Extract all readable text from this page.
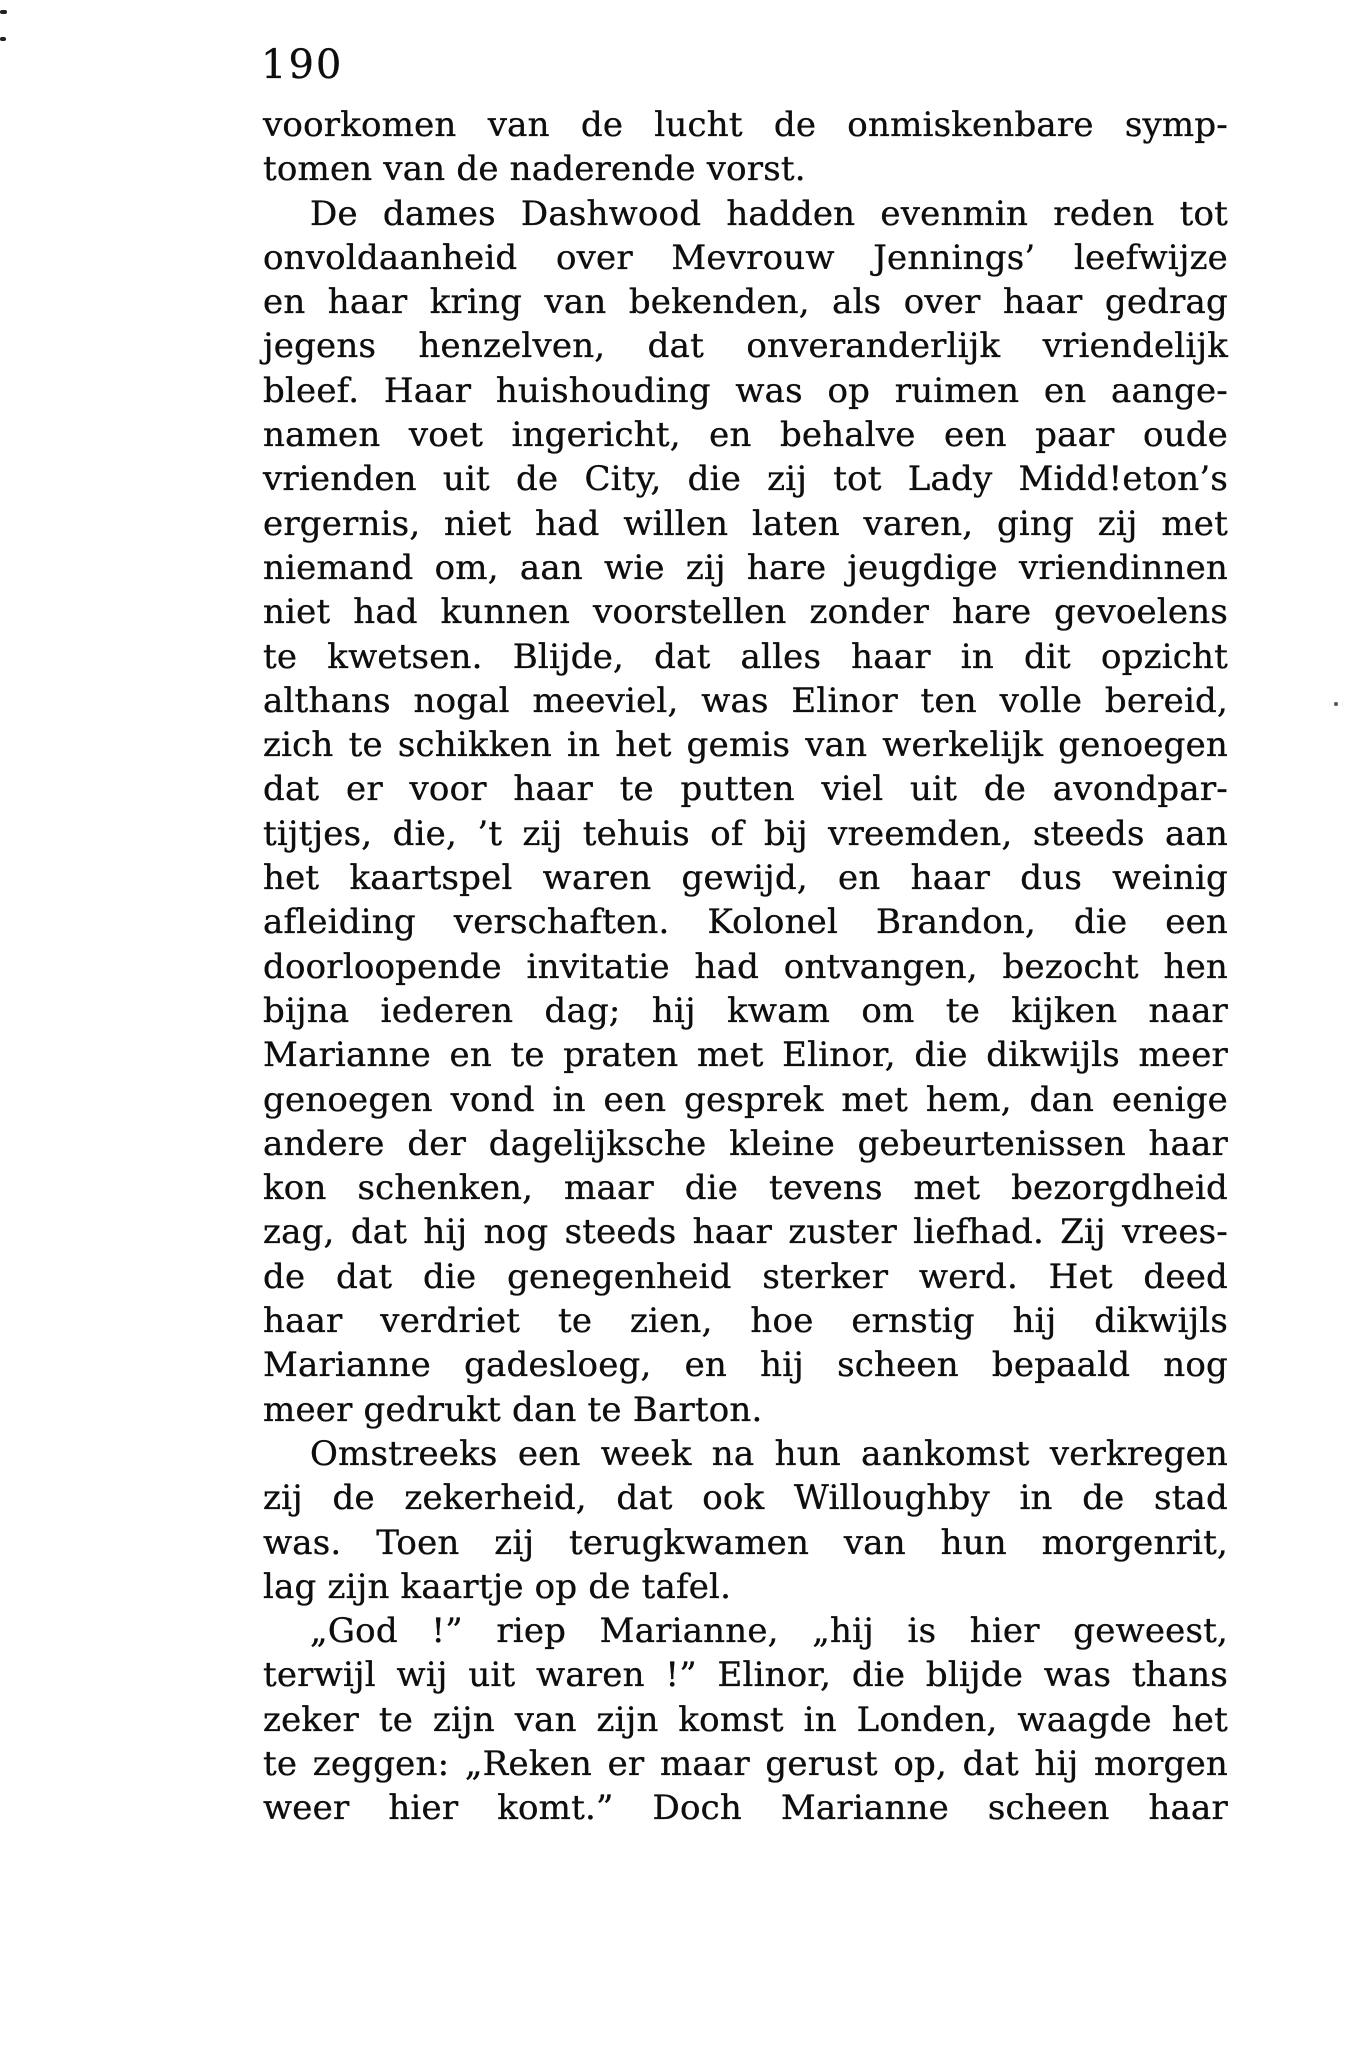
190
voorkomen van de lucht de onmiskenbare symp-
tomen van de naderende vorst.
De dames Dashwood hadden evenmin reden tot
onvoldaanheid over Mevrouw Jennings’ leefwijze
en haar kring van bekenden, als over haar gedrag
jegens henzelven, dat onveranderlijk vriendelijk
bleef. Haar huishouding was op ruimen en aange-
namen voet ingericht, en behalve een paar oude
vrienden uit de City, die zij tot Lady Midd!eton’s
ergernis, niet had willen laten varen, ging zij met
niemand om, aan wie zij hare jeugdige vriendinnen
niet had kunnen voorstellen zonder hare gevoelens
te kwetsen. Blijde, dat alles haar in dit opzicht
althans nogal meeviel, was Elinor ten volle bereid,
zich te schikken in het gemis van werkelijk genoegen
dat er voor haar te putten viel uit de avondpar-
tijtjes, die, ’t zij tehuis of bij vreemden, steeds aan
het kaartspel waren gewijd, en haar dus weinig
afleiding verschaften. Kolonel Brandon, die een
doorloopende invitatie had ontvangen, bezocht hen
bijna iederen dag; hij kwam om te kijken naar
Marianne en te praten met Elinor, die dikwijls meer
genoegen vond in een gesprek met hem, dan eenige
andere der dagelijksche kleine gebeurtenissen haar
kon schenken, maar die tevens met bezorgdheid
zag, dat hij nog steeds haar zuster liefhad. Zij vrees-
de dat die genegenheid sterker werd. Het deed
haar verdriet te zien, hoe ernstig hij dikwijls
Marianne gadesloeg, en hij scheen bepaald nog
meer gedrukt dan te Barton.
Omstreeks een week na hun aankomst verkregen
zij de zekerheid, dat ook Willoughby in de stad
was. Toen zij terugkwamen van hun morgenrit,
lag zijn kaartje op de tafel.
„God !” riep Marianne, „hij is hier geweest,
terwijl wij uit waren !” Elinor, die blijde was thans
zeker te zijn van zijn komst in Londen, waagde het
te zeggen: „Reken er maar gerust op, dat hij morgen
weer hier komt.” Doch Marianne scheen haar
